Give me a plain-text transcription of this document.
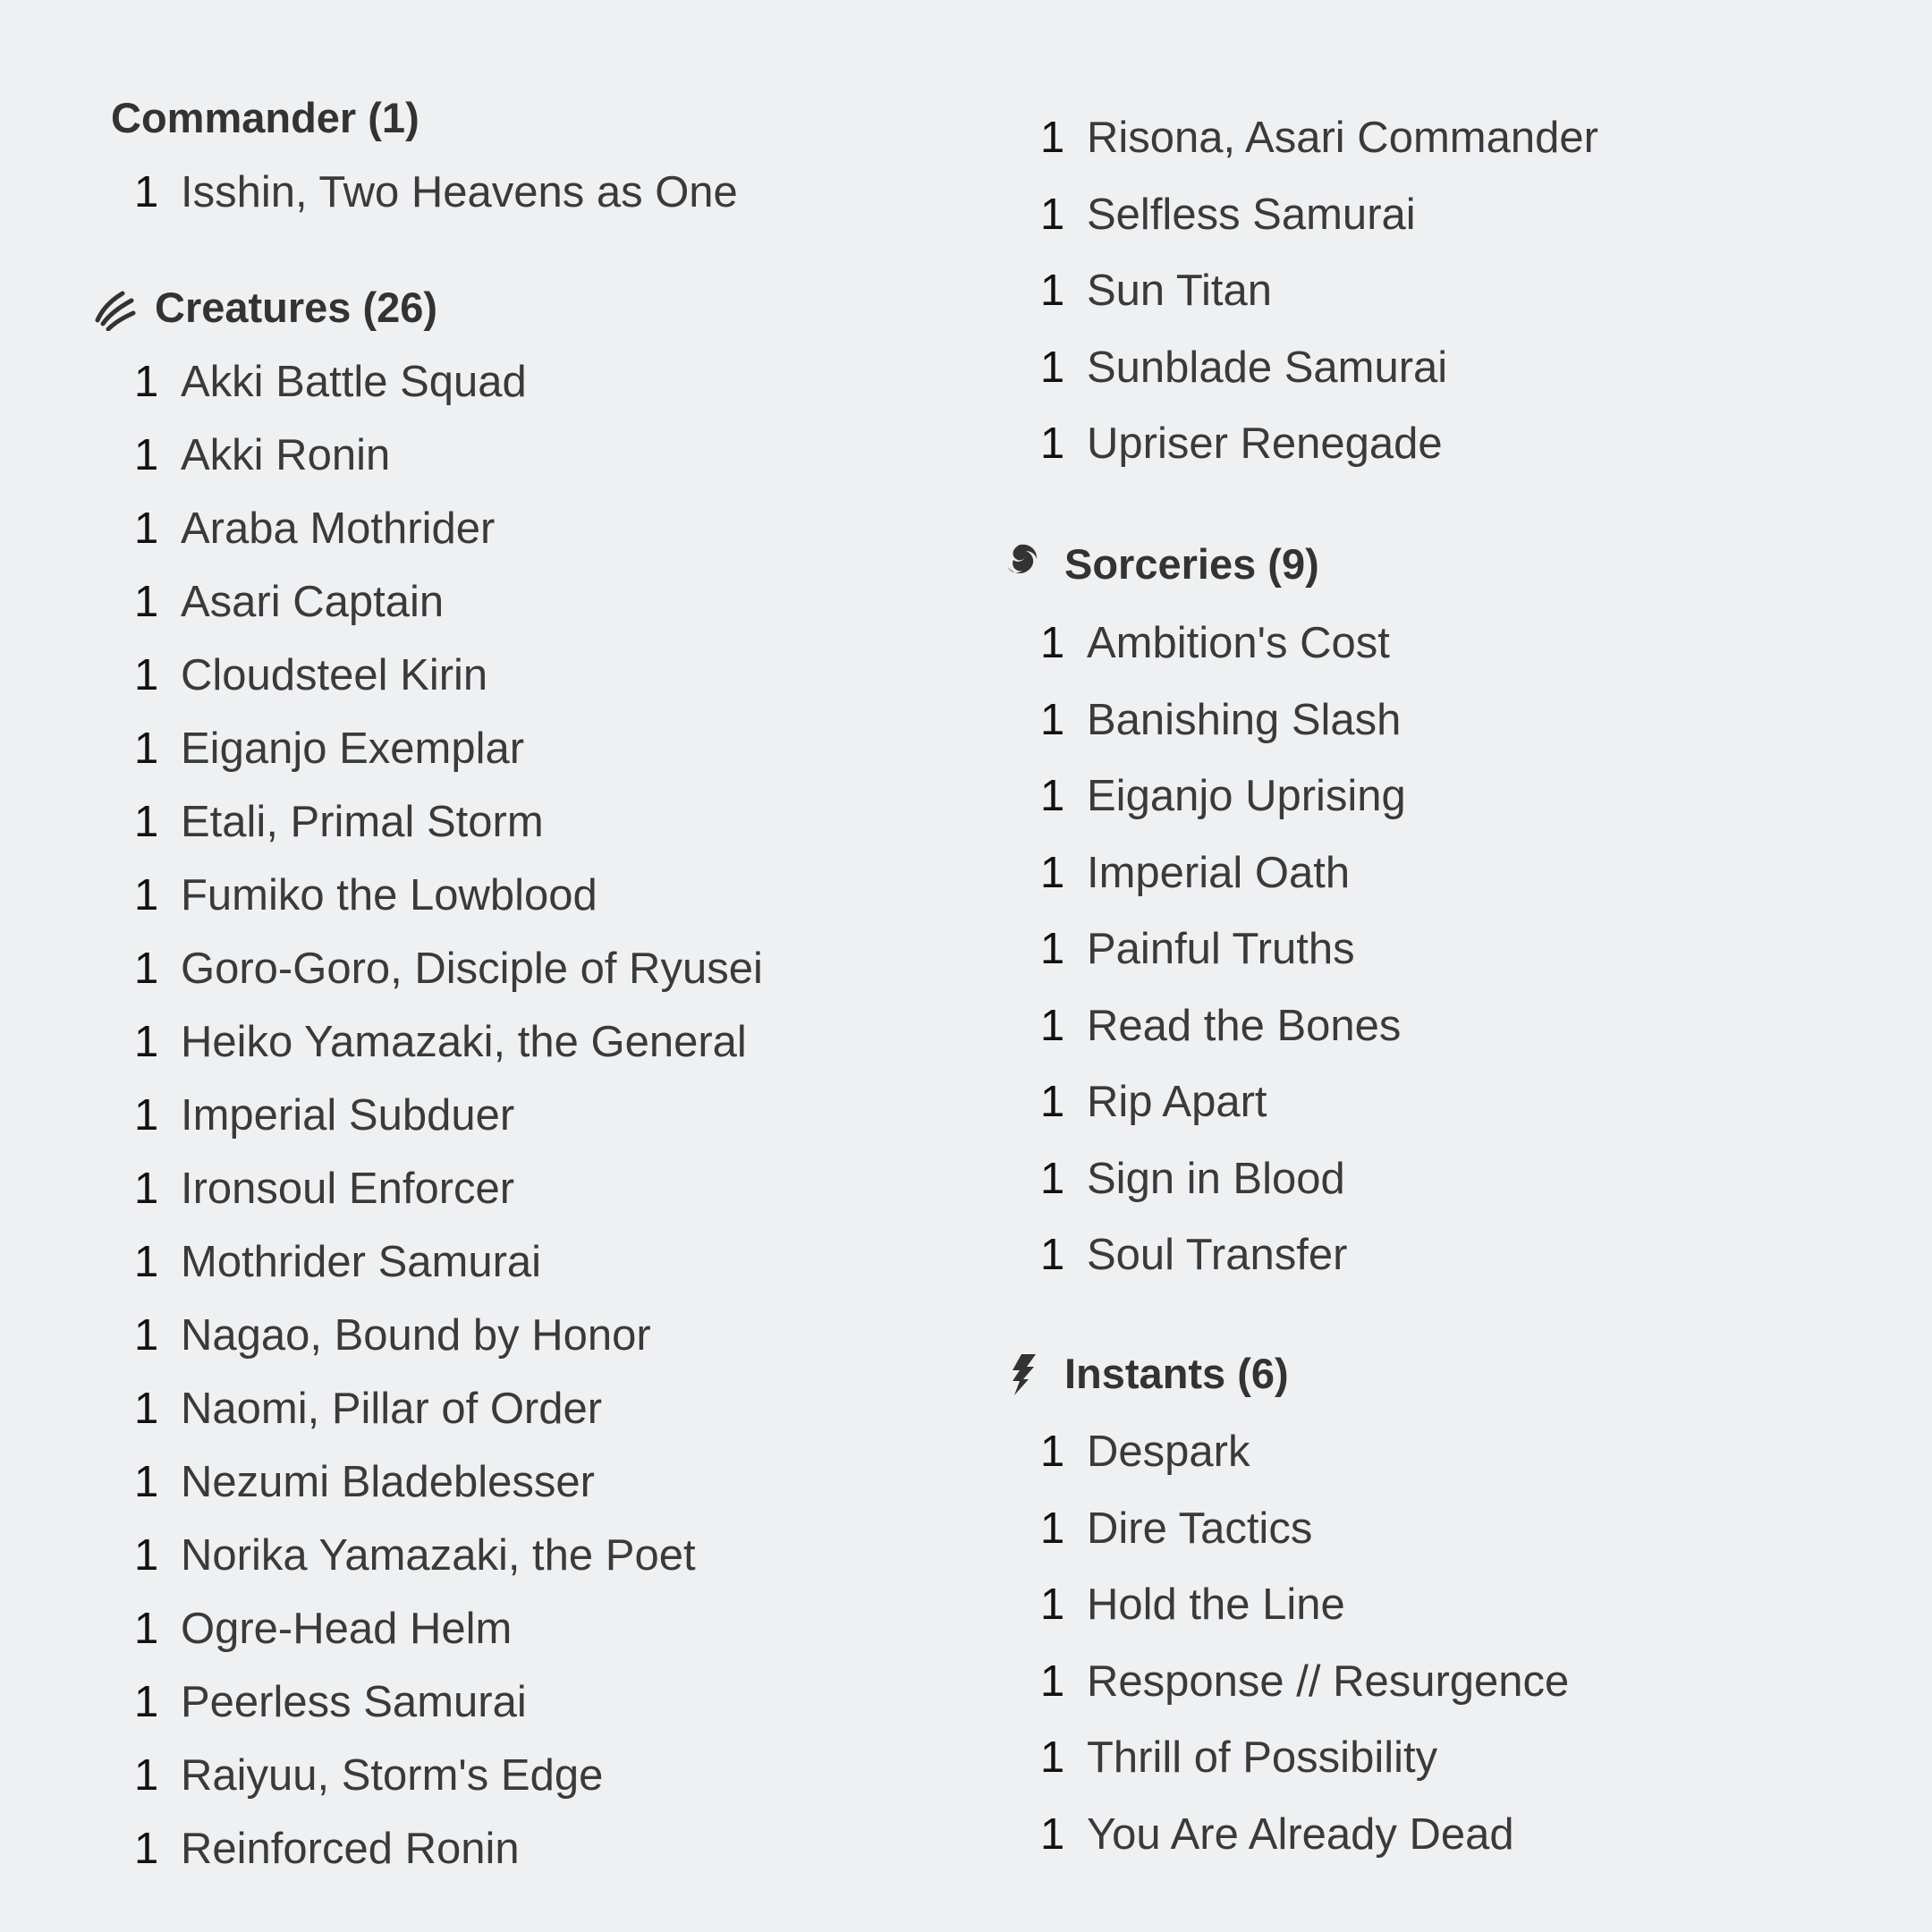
Commander (1)
1 Isshin, Two Heavens as One
Creatures (26)
1 Akki Battle Squad
1 Akki Ronin
1 Araba Mothrider
1 Asari Captain
1 Cloudsteel Kirin
1 Eiganjo Exemplar
1 Etali, Primal Storm
1 Fumiko the Lowblood
1 Goro-Goro, Disciple of Ryusei
1 Heiko Yamazaki, the General
1 Imperial Subduer
1 Ironsoul Enforcer
1 Mothrider Samurai
1 Nagao, Bound by Honor
1 Naomi, Pillar of Order
1 Nezumi Bladeblesser
1 Norika Yamazaki, the Poet
1 Ogre-Head Helm
1 Peerless Samurai
1 Raiyuu, Storm's Edge
1 Reinforced Ronin
Sorceries (9)
1 Ambition's Cost
1 Banishing Slash
1 Eiganjo Uprising
1 Imperial Oath
1 Painful Truths
1 Read the Bones
1 Rip Apart
1 Sign in Blood
1 Soul Transfer
Instants (6)
1 Despark
1 Dire Tactics
1 Hold the Line
1 Response // Resurgence
1 Thrill of Possibility
1 You Are Already Dead
1 Risona, Asari Commander
1 Selfless Samurai
1 Sun Titan
1 Sunblade Samurai
1 Upriser Renegade
